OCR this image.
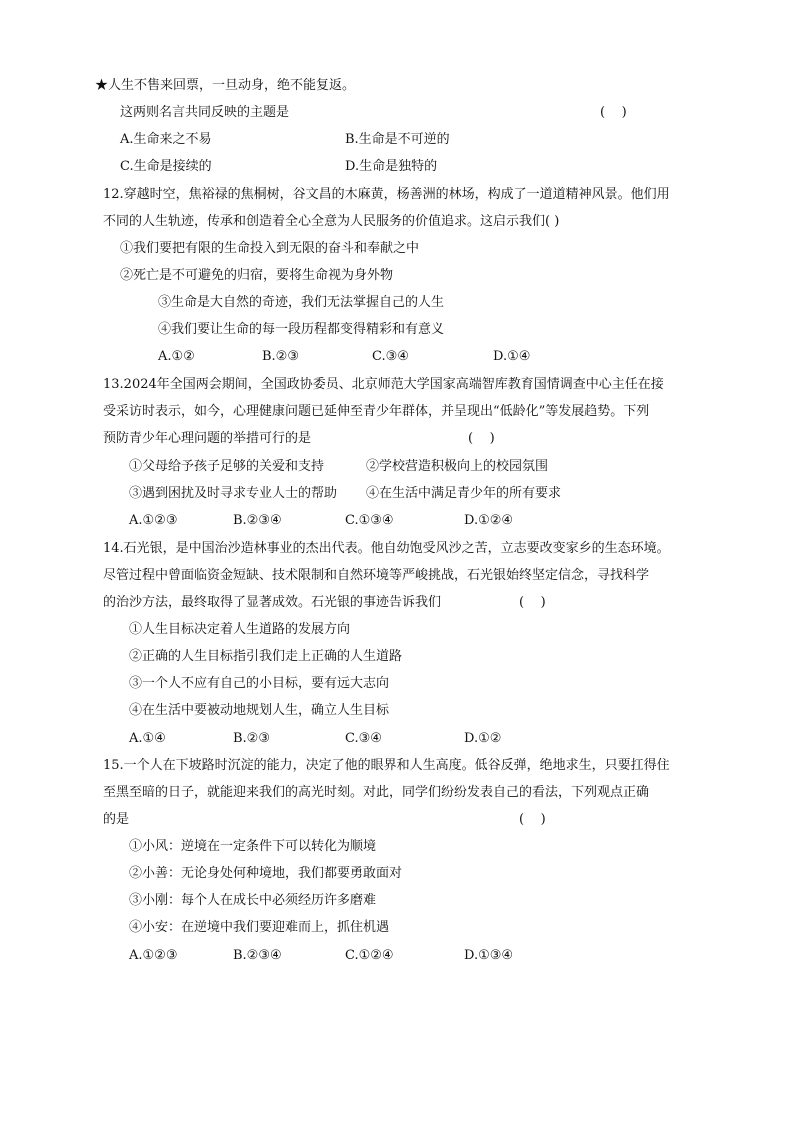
★人生不售来回票，一旦动身，绝不能复返。
这两则名言共同反映的主题是	(    )
A.生命来之不易	B.生命是不可逆的
C.生命是接续的	D.生命是独特的
12.穿越时空，焦裕禄的焦桐树，谷文昌的木麻黄，杨善洲的林场，构成了一道道精神风景。他们用
不同的人生轨迹，传承和创造着全心全意为人民服务的价值追求。这启示我们( )
①我们要把有限的生命投入到无限的奋斗和奉献之中
②死亡是不可避免的归宿，要将生命视为身外物
③生命是大自然的奇迹，我们无法掌握自己的人生
④我们要让生命的每一段历程都变得精彩和有意义
A.①②	B.②③	C.③④	D.①④
13.2024年全国两会期间，全国政协委员、北京师范大学国家高端智库教育国情调查中心主任在接
受采访时表示，如今，心理健康问题已延伸至青少年群体，并呈现出“低龄化”等发展趋势。下列
预防青少年心理问题的举措可行的是	(    )
①父母给予孩子足够的关爱和支持	②学校营造积极向上的校园氛围
③遇到困扰及时寻求专业人士的帮助 ④在生活中满足青少年的所有要求
A.①②③	B.②③④	C.①③④	D.①②④
14.石光银，是中国治沙造林事业的杰出代表。他自幼饱受风沙之苦，立志要改变家乡的生态环境。
尽管过程中曾面临资金短缺、技术限制和自然环境等严峻挑战，石光银始终坚定信念，寻找科学
的治沙方法，最终取得了显著成效。石光银的事迹告诉我们	(    )
①人生目标决定着人生道路的发展方向
②正确的人生目标指引我们走上正确的人生道路
③一个人不应有自己的小目标，要有远大志向
④在生活中要被动地规划人生，确立人生目标
A.①④	B.②③	C.③④	D.①②
15.一个人在下坡路时沉淀的能力，决定了他的眼界和人生高度。低谷反弹，绝地求生，只要扛得住
至黑至暗的日子，就能迎来我们的高光时刻。对此，同学们纷纷发表自己的看法，下列观点正确
的是	(    )
①小风：逆境在一定条件下可以转化为顺境
②小善：无论身处何种境地，我们都要勇敢面对
③小刚：每个人在成长中必须经历许多磨难
④小安：在逆境中我们要迎难而上，抓住机遇
A.①②③	B.②③④	C.①②④	D.①③④
